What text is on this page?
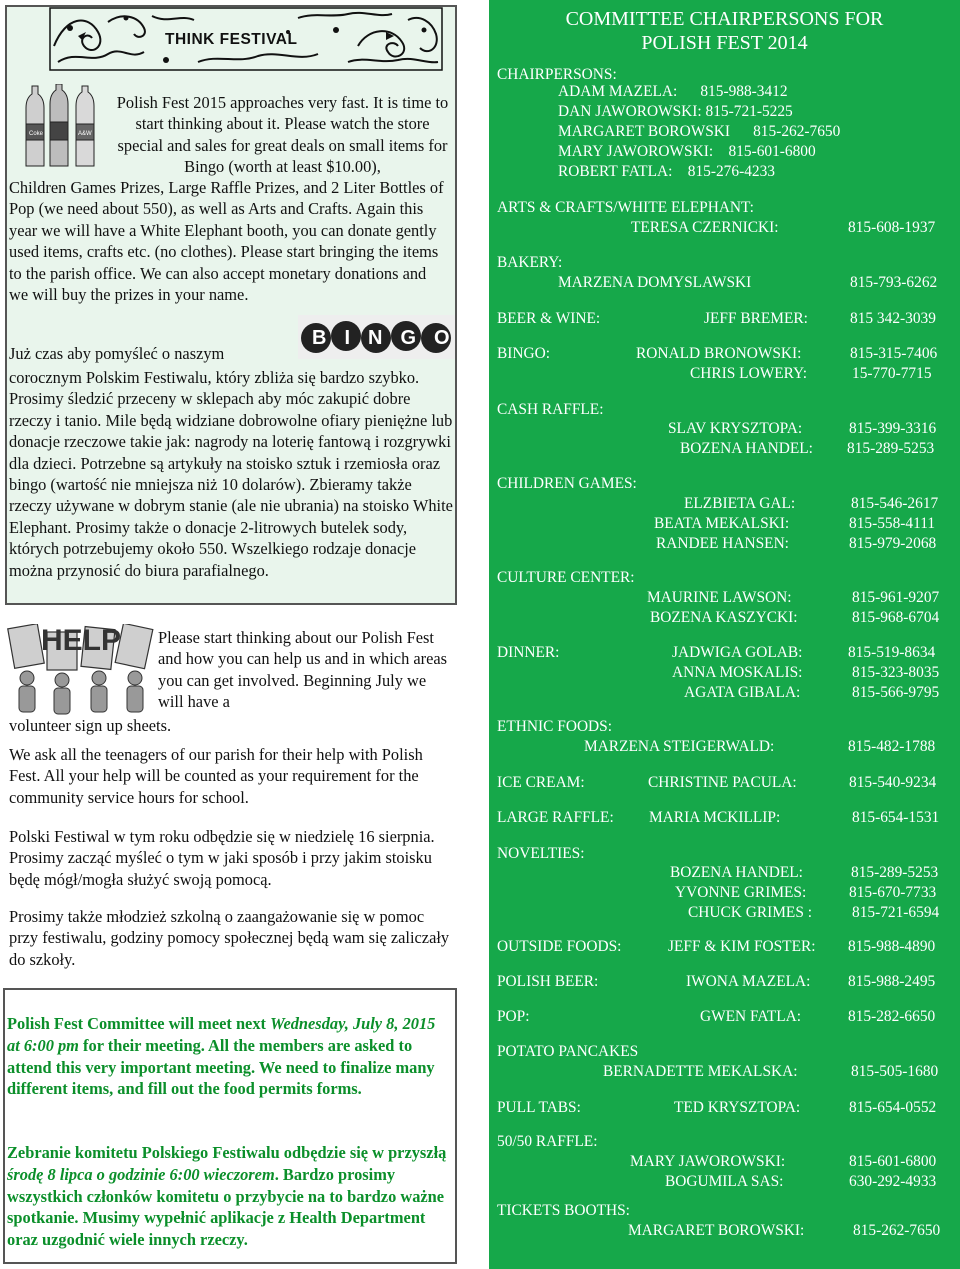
THINK FESTIVAL
Coke	A&W

Polish Fest 2015 approaches very fast. It is time to start thinking about it. Please watch the store special and sales for great deals on small items for Bingo (worth at least $10.00),

Children Games Prizes, Large Raffle Prizes, and 2 Liter Bottles of Pop (we need about 550), as well as Arts and Crafts. Again this year we will have a White Elephant booth, you can donate gently used items, crafts etc. (no clothes). Please start bringing the items to the parish office. We can also accept monetary donations and we will buy the prizes in your name.

BINGO

Już czas aby pomyśleć o naszym

corocznym Polskim Festiwalu, który zbliża się bardzo szybko. Prosimy śledzić przeceny w sklepach aby móc zakupić dobre rzeczy i tanio. Mile będą widziane dobrowolne ofiary pieniężne lub donacje rzeczowe takie jak: nagrody na loterię fantową i rozgrywki dla dzieci. Potrzebne są artykuły na stoisko sztuk i rzemiosła oraz bingo (wartość nie mniejsza niż 10 dolarów). Zbieramy także rzeczy używane w dobrym stanie (ale nie ubrania) na stoisko White Elephant. Prosimy także o donacje 2-litrowych butelek sody, których potrzebujemy około 550. Wszelkiego rodzaje donacje można przynosić do biura parafialnego.

HELP	Please start thinking about our Polish Fest and how you can help us and in which areas you can get involved. Beginning July we will have a

volunteer sign up sheets.

We ask all the teenagers of our parish for their help with Polish Fest. All your help will be counted as your requirement for the community service hours for school.

Polski Festiwal w tym roku odbędzie się w niedzielę 16 sierpnia. Prosimy zacząć myśleć o tym w jaki sposób i przy jakim stoisku będę mógł/mogła służyć swoją pomocą.

Prosimy także młodzież szkolną o zaangażowanie się w pomoc przy festiwalu, godziny pomocy społecznej będą wam się zaliczały do szkoły.

Polish Fest Committee will meet next Wednesday, July 8, 2015 at 6:00 pm for their meeting. All the members are asked to attend this very important meeting. We need to finalize many different items, and fill out the food permits forms.

Zebranie komitetu Polskiego Festiwalu odbędzie się w przyszłą środę 8 lipca o godzinie 6:00 wieczorem. Bardzo prosimy wszystkich członków komitetu o przybycie na to bardzo ważne spotkanie. Musimy wypełnić aplikacje z Health Department oraz uzgodnić wiele innych rzeczy.

COMMITTEE CHAIRPERSONS FOR
POLISH FEST 2014
CHAIRPERSONS:
ADAM MAZELA:      815-988-3412
DAN JAWOROWSKI: 815-721-5225
MARGARET BOROWSKI      815-262-7650
MARY JAWOROWSKI:    815-601-6800
ROBERT FATLA:    815-276-4233
ARTS & CRAFTS/WHITE ELEPHANT:
TERESA CZERNICKI:	815-608-1937
BAKERY:
MARZENA DOMYSLAWSKI	815-793-6262
BEER & WINE:	JEFF BREMER:	815 342-3039
BINGO:	RONALD BRONOWSKI:	815-315-7406
CHRIS LOWERY:	15-770-7715
CASH RAFFLE:
SLAV KRYSZTOPA:	815-399-3316
BOZENA HANDEL: 815-289-5253
CHILDREN GAMES:
ELZBIETA GAL:	815-546-2617
BEATA MEKALSKI:	815-558-4111
RANDEE HANSEN:	815-979-2068
CULTURE CENTER:
MAURINE LAWSON:	815-961-9207
BOZENA KASZYCKI:	815-968-6704
DINNER:	JADWIGA GOLAB:	815-519-8634
ANNA MOSKALIS:	815-323-8035
AGATA GIBALA:	815-566-9795
ETHNIC FOODS:
MARZENA STEIGERWALD:	815-482-1788
ICE CREAM:	CHRISTINE PACULA:	815-540-9234
LARGE RAFFLE: MARIA MCKILLIP:	815-654-1531
NOVELTIES:
BOZENA HANDEL:	815-289-5253
YVONNE GRIMES:	815-670-7733
CHUCK GRIMES :	815-721-6594
OUTSIDE FOODS:	JEFF & KIM FOSTER: 815-988-4890
POLISH BEER:	IWONA MAZELA: 815-988-2495
POP:	GWEN FATLA:	815-282-6650
POTATO PANCAKES
BERNADETTE MEKALSKA:	815-505-1680
PULL TABS:	TED KRYSZTOPA:	815-654-0552
50/50 RAFFLE:
MARY JAWOROWSKI:	815-601-6800
BOGUMILA SAS:	630-292-4933
TICKETS BOOTHS:
MARGARET BOROWSKI:	815-262-7650
